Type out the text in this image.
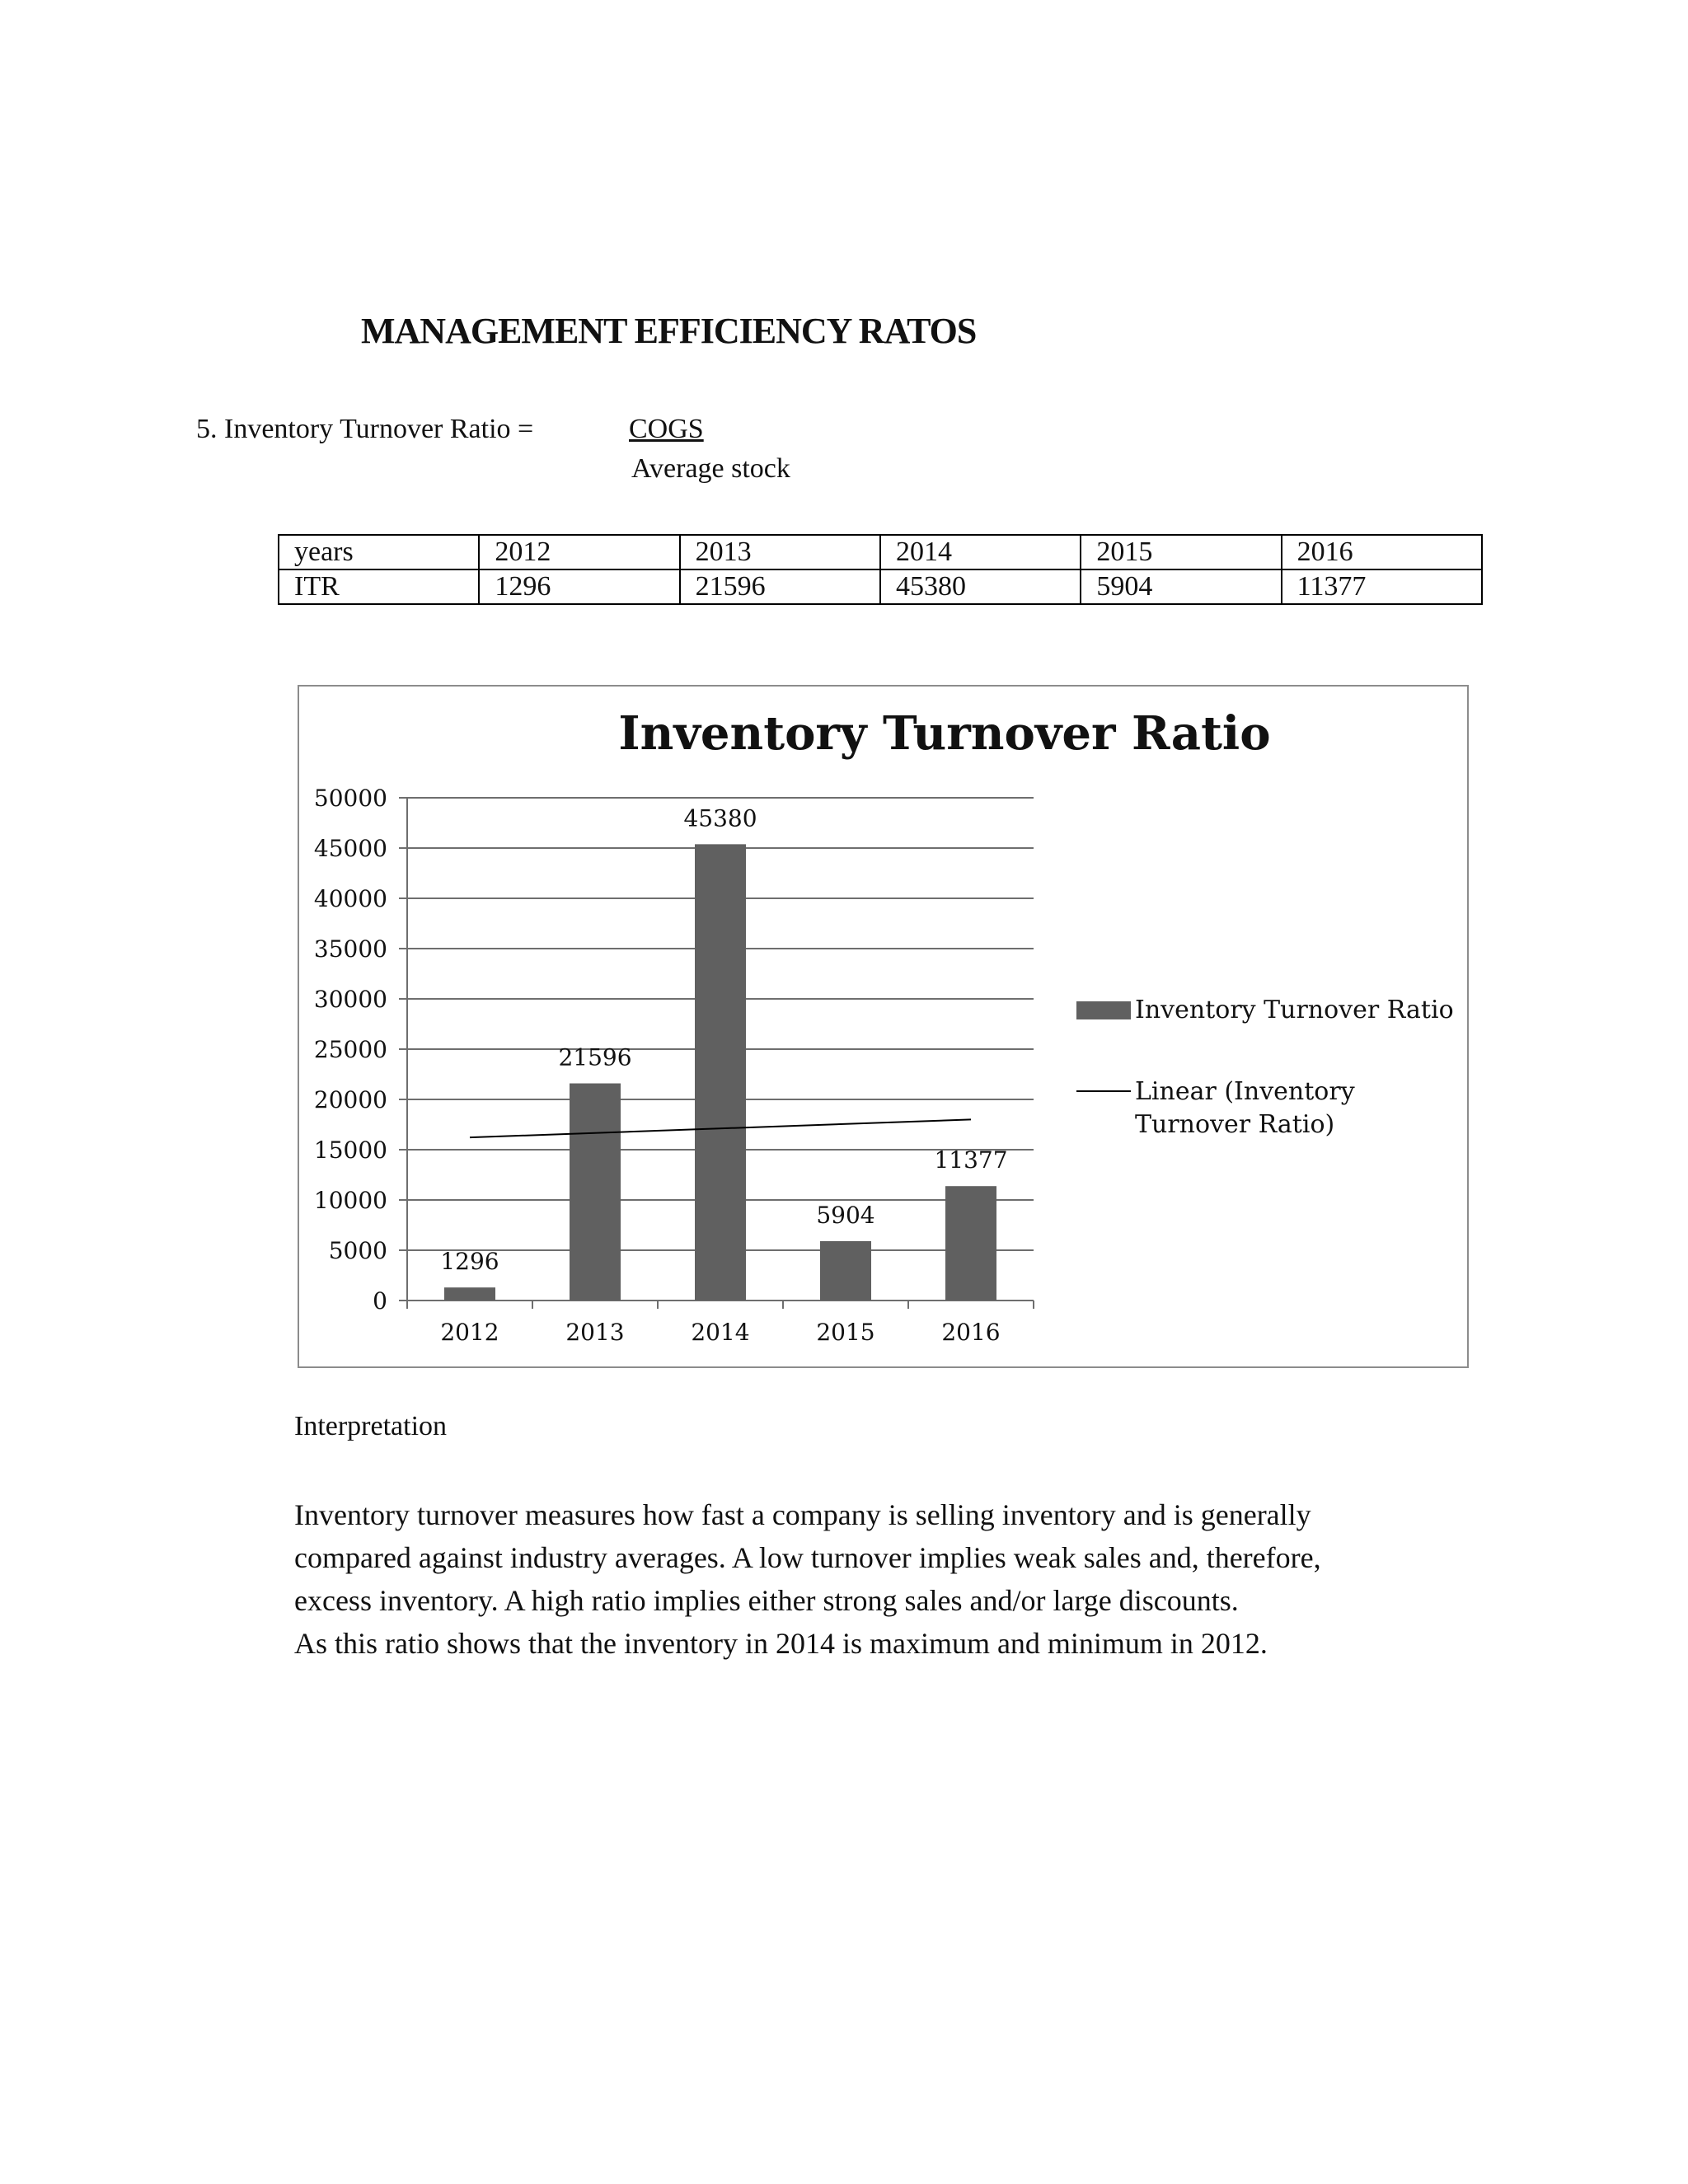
MANAGEMENT EFFICIENCY RATOS
5. Inventory Turnover Ratio =	COGS
Average stock
years	2012	2013	2014	2015	2016
ITR	1296	21596	45380	5904	11377
Inventory Turnover Ratio
0
5000
10000
15000
20000
25000
30000
35000
40000
45000
50000
1296
2012
21596
2013
45380
2014
5904
2015
11377
2016
Inventory Turnover Ratio
Linear (Inventory
Turnover Ratio)
Interpretation
Inventory turnover measures how fast a company is selling inventory and is generally
compared against industry averages. A low turnover implies weak sales and, therefore,
excess inventory. A high ratio implies either strong sales and/or large discounts.
As this ratio shows that the inventory in 2014 is maximum and minimum in 2012.
